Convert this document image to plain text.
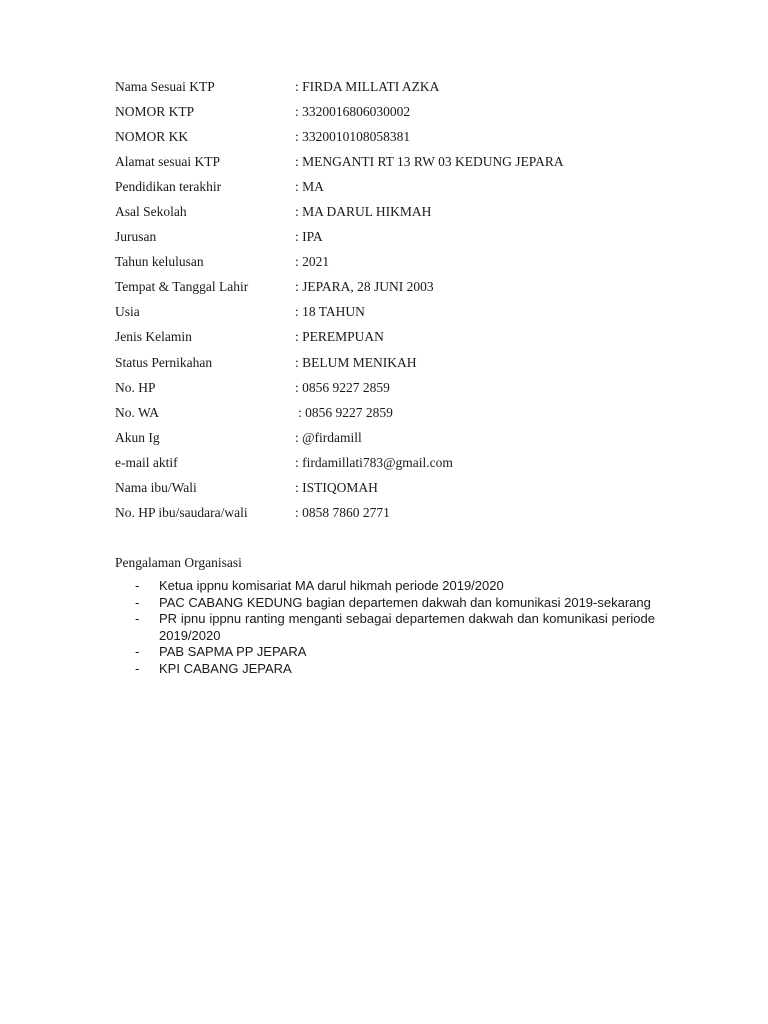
Nama Sesuai KTP	: FIRDA MILLATI AZKA
NOMOR KTP	: 3320016806030002
NOMOR KK	: 3320010108058381
Alamat sesuai KTP	: MENGANTI RT 13 RW 03 KEDUNG JEPARA
Pendidikan terakhir	: MA
Asal Sekolah	: MA DARUL HIKMAH
Jurusan	: IPA
Tahun kelulusan	: 2021
Tempat & Tanggal Lahir	: JEPARA, 28 JUNI 2003
Usia	: 18 TAHUN
Jenis Kelamin	: PEREMPUAN
Status Pernikahan	: BELUM MENIKAH
No. HP	: 0856 9227 2859
No. WA	: 0856 9227 2859
Akun Ig	: @firdamill
e-mail aktif	: firdamillati783@gmail.com
Nama ibu/Wali	: ISTIQOMAH
No. HP ibu/saudara/wali	: 0858 7860 2771
Pengalaman Organisasi
-	Ketua ippnu komisariat MA darul hikmah periode 2019/2020
-	PAC CABANG KEDUNG bagian departemen dakwah dan komunikasi 2019-sekarang
-	PR ipnu ippnu ranting menganti sebagai departemen dakwah dan komunikasi periode 2019/2020
-	PAB SAPMA PP JEPARA
-	KPI CABANG JEPARA
